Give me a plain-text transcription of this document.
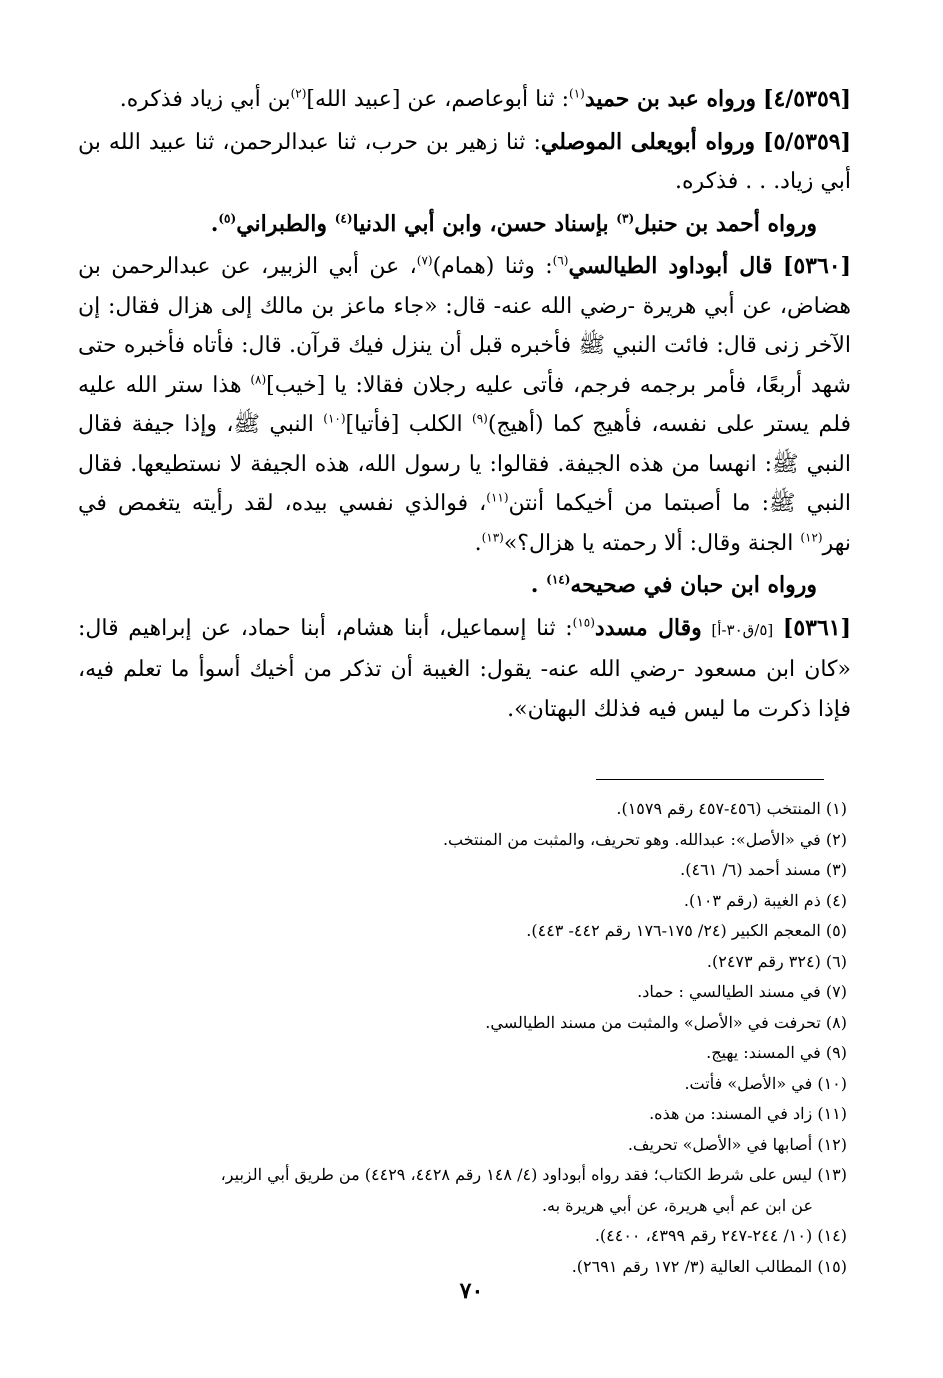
[٤/٥٣٥٩] ورواه عبد بن حميد$^{(١)}$: ثنا أبوعاصم، عن [عبيد الله]$^{(٢)}$بن أبي زياد فذكره.

[٥/٥٣٥٩] ورواه أبويعلى الموصلي: ثنا زهير بن حرب، ثنا عبدالرحمن، ثنا عبيد الله بن أبي زياد. . . فذكره.

ورواه أحمد بن حنبل$^{(٣)}$ بإسناد حسن، وابن أبي الدنيا$^{(٤)}$ والطبراني$^{(٥)}$.

[٥٣٦٠] قال أبوداود الطيالسي$^{(٦)}$: وثنا (همام)$^{(٧)}$، عن أبي الزبير، عن عبدالرحمن بن هضاض، عن أبي هريرة -رضي الله عنه- قال: «جاء ماعز بن مالك إلى هزال فقال: إن الآخر زنى قال: فائت النبي ﷺ فأخبره قبل أن ينزل فيك قرآن. قال: فأتاه فأخبره حتى شهد أربعًا، فأمر برجمه فرجم، فأتى عليه رجلان فقالا: يا [خيب]$^{(٨)}$ هذا ستر الله عليه فلم يستر على نفسه، فأهيج كما (أهيج)$^{(٩)}$ الكلب [فأتيا]$^{(١٠)}$ النبي ﷺ، وإذا جيفة فقال النبي ﷺ: انهسا من هذه الجيفة. فقالوا: يا رسول الله، هذه الجيفة لا نستطيعها. فقال النبي ﷺ: ما أصبتما من أخيكما أنتن$^{(١١)}$، فوالذي نفسي بيده، لقد رأيته يتغمص في نهر$^{(١٢)}$ الجنة وقال: ألا رحمته يا هزال؟»$^{(١٣)}$.

ورواه ابن حبان في صحيحه$^{(١٤)}$ .

[٥٣٦١] [٥/ق٣٠-أ] وقال مسدد$^{(١٥)}$: ثنا إسماعيل، أبنا هشام، أبنا حماد، عن إبراهيم قال: «كان ابن مسعود -رضي الله عنه- يقول: الغيبة أن تذكر من أخيك أسوأ ما تعلم فيه، فإذا ذكرت ما ليس فيه فذلك البهتان».

(١) المنتخب (٤٥٦-٤٥٧ رقم ١٥٧٩).
(٢) في «الأصل»: عبدالله. وهو تحريف، والمثبت من المنتخب.
(٣) مسند أحمد (٦/ ٤٦١).
(٤) ذم الغيبة (رقم ١٠٣).
(٥) المعجم الكبير (٢٤/ ١٧٥-١٧٦ رقم ٤٤٢- ٤٤٣).
(٦) (٣٢٤ رقم ٢٤٧٣).
(٧) في مسند الطيالسي : حماد.
(٨) تحرفت في «الأصل» والمثبت من مسند الطيالسي.
(٩) في المسند: يهيج.
(١٠) في «الأصل» فأتت.
(١١) زاد في المسند: من هذه.
(١٢) أصابها في «الأصل» تحريف.
(١٣) ليس على شرط الكتاب؛ فقد رواه أبوداود (٤/ ١٤٨ رقم ٤٤٢٨، ٤٤٢٩) من طريق أبي الزبير،
عن ابن عم أبي هريرة، عن أبي هريرة به.
(١٤) (١٠/ ٢٤٤-٢٤٧ رقم ٤٣٩٩، ٤٤٠٠).
(١٥) المطالب العالية (٣/ ١٧٢ رقم ٢٦٩١).
٧٠
